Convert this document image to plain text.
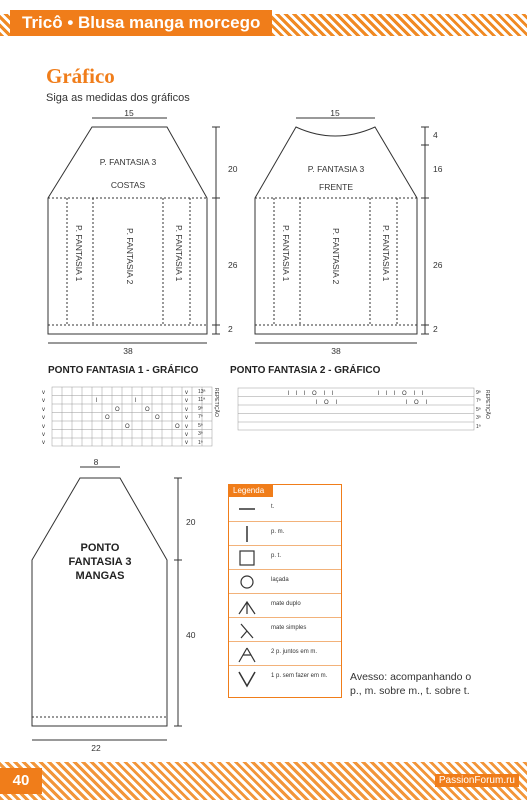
Tricô • Blusa manga morcego
Gráfico
Siga as medidas dos gráficos
15	15
38	38
20
26
2
4
16
26
2
P. FANTASIA 3
COSTAS
P. FANTASIA 3
FRENTE
P. FANTASIA 1	P. FANTASIA 2	P. FANTASIA 1	P. FANTASIA 1	P. FANTASIA 2	P. FANTASIA 1
PONTO FANTASIA 1 - GRÁFICO	PONTO FANTASIA 2 - GRÁFICO
v
v
v
v
v
v
v
l
O
l
O
O	O
O	O
v
v
v
v
v
v
v
13ª
11ª
9ª
7ª
5ª
3ª
1ª
REPETIÇÃO	l l l O l l	l l l O l l
l O l	l O l
9ª
7ª
5ª
3ª
1ª
REPETIÇÃO
8
22
20
40
PONTO
FANTASIA 3
MANGAS
Legenda
t.
p. m.
p. t.
laçada
mate duplo
mate simples
2 p. juntos em m.
1 p. sem fazer em m. Avesso: acompanhando o p., m. sobre m., t. sobre t.
40	PassionForum.ru
